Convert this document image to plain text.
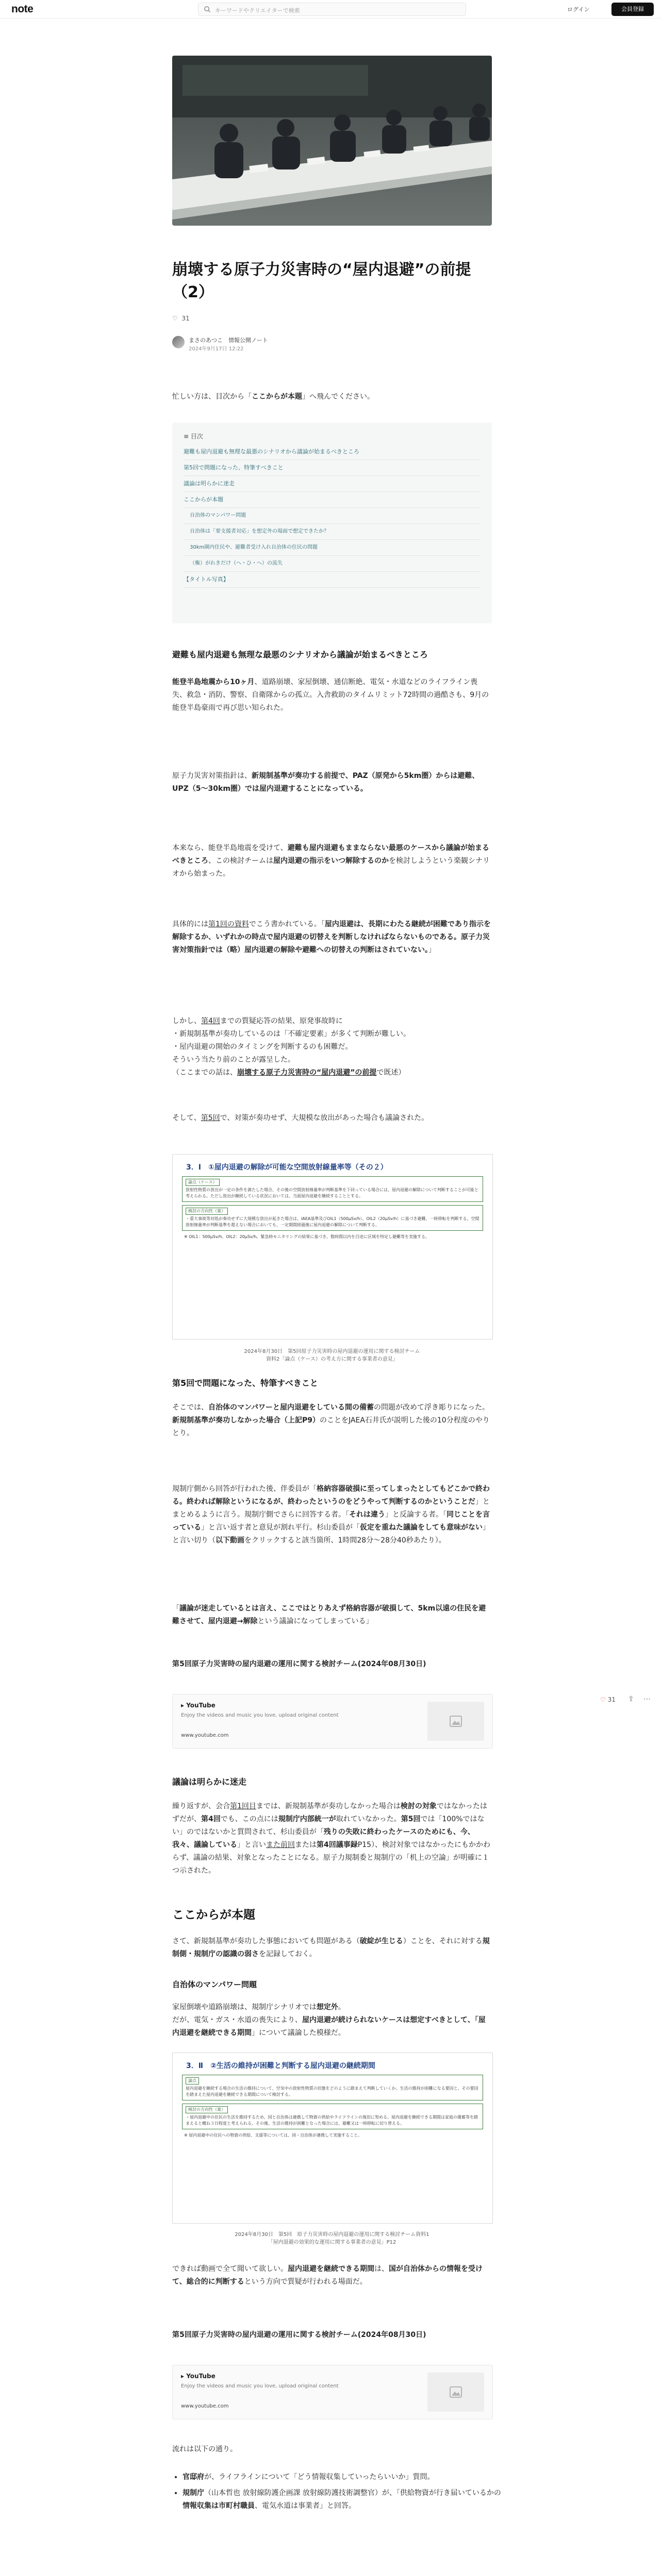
note	キーワードやクリエイターで検索	ログイン	会員登録
崩壊する原子力災害時の“屋内退避”の前提（2）
♡ 31
まさのあつこ　情報公開ノート
2024年9月17日 12:22

忙しい方は、目次から「ここからが本題」へ飛んでください。

≡ 目次
避難も屋内退避も無理な最悪のシナリオから議論が始まるべきところ
第5回で問題になった、特筆すべきこと
議論は明らかに迷走
ここからが本題
自治体のマンパワー問題
自治体は「要支援者対応」を想定外の場面で想定できたか？
30km圏内住民や、避難者受け入れ自治体の住民の問題
（権）がれきだけ（へ・ひ・へ）の流失
【タイトル写真】
避難も屋内退避も無理な最悪のシナリオから議論が始まるべきところ

能登半島地震から10ヶ月、道路崩壊、家屋倒壊、通信断絶、電気・水道などのライフライン喪失、救急・消防、警察、自衛隊からの孤立。入舎救助のタイムリミット72時間の過酷さも、9月の能登半島豪雨で再び思い知られた。

原子力災害対策指針は、新規制基準が奏功する前提で、PAZ（原発から5km圏）からは避難、UPZ（5〜30km圏）では屋内退避することになっている。

本来なら、能登半島地震を受けて、避難も屋内退避もままならない最悪のケースから議論が始まるべきところ、この検討チームは屋内退避の指示をいつ解除するのかを検討しようという楽観シナリオから始まった。

具体的には第1回の資料でこう書かれている。「屋内退避は、長期にわたる継続が困難であり指示を解除するか、いずれかの時点で屋内退避の切替えを判断しなければならないものである。原子力災害対策指針では（略）屋内退避の解除や避難への切替えの判断はされていない。」

しかし、第4回までの質疑応答の結果、原発事故時に
・新規制基準が奏功しているのは「不確定要素」が多くて判断が難しい。
・屋内退避の開始のタイミングを判断するのも困難だ。
そういう当たり前のことが露呈した。
（ここまでの話は、崩壊する原子力災害時の“屋内退避”の前提で既述）

そして、第5回で、対策が奏功せず、大規模な放出があった場合も議論された。

3．Ⅰ　①屋内退避の解除が可能な空間放射線量率等（その２）
論点（ケース）
放射性物質の放出が一定の条件を満たした場合、その後の空間放射線量率が判断基準を下回っている場合には、屋内退避の解除について判断することが可能と考えられる。ただし放出が継続している状況においては、当面屋内退避を継続することとする。
検討の方向性（案）
・重大事故等対処が奏功せずに大規模な放出が起きた場合は、IAEA基準及びOIL1（500μSv/h）、OIL2（20μSv/h）に基づき避難、一時移転を判断する。空間放射線量率が判断基準を超えない場合においても、一定期間経過後に屋内退避の解除について判断する。
※ OIL1：500μSv/h、OIL2：20μSv/h。緊急時モニタリングの結果に基づき、数時間以内を目途に区域を特定し避難等を実施する。
2024年8月30日　第5回原子力災害時の屋内退避の運用に関する検討チーム
資料2「論点（ケース）の考え方に関する事業者の意見」
第5回で問題になった、特筆すべきこと

そこでは、自治体のマンパワーと屋内退避をしている間の備蓄の問題が改めて浮き彫りになった。新規制基準が奏功しなかった場合（上記P9）のことをJAEA石井氏が説明した後の10分程度のやりとり。

規制庁側から回答が行われた後、伴委員が「格納容器破損に至ってしまったとしてもどこかで終わる。終われば解除というになるが、終わったというのをどうやって判断するのかということだ」とまとめるように言う。規制庁側でさらに回答する者。「それは違う」と反論する者。「同じことを言っている」と言い返す者と意見が割れ平行。杉山委員が「仮定を重ねた議論をしても意味がない」と言い切り（以下動画をクリックすると該当箇所、1時間28分〜28分40秒あたり）。

「議論が迷走しているとは言え、ここではとりあえず格納容器が破損して、5km以遠の住民を避難させて、屋内退避→解除という議論になってしまっている」

第5回原子力災害時の屋内退避の運用に関する検討チーム(2024年08月30日)

▸ YouTube
Enjoy the videos and music you love, upload original content
www.youtube.com
議論は明らかに迷走

繰り返すが、会合第1回目までは、新規制基準が奏功しなかった場合は検討の対象ではなかったはずだが、第4回でも、この点には規制庁内部統一が取れていなかった。第5回では「100%ではない」のではないかと質問されて、杉山委員が「残りの失敗に終わったケースのためにも、今、我々、議論している」と言いまた前回または第4回議事録P15）、検討対象ではなかったにもかかわらず、議論の結果、対象となったことになる。原子力規制委と規制庁の「机上の空論」が明確に１つ示された。

ここからが本題

さて、新規制基準が奏功した事態においても問題がある（破綻が生じる）ことを、それに対する規制側・規制庁の認識の弱さを記録しておく。

自治体のマンパワー問題

家屋倒壊や道路崩壊は、規制庁シナリオでは想定外。
だが、電気・ガス・水道の喪失により、屋内退避が続けられないケースは想定すべきとして、「屋内退避を継続できる期間」について議論した模様だ。

3．Ⅱ　②生活の維持が困難と判断する屋内退避の継続期間
論点
屋内退避を継続する場合の生活の維持について、空気中の放射性物質の状態をどのように踏まえて判断していくか。生活の維持が困難になる要因と、その要因を踏まえた屋内退避を継続できる期間について検討する。
検討の方向性（案）
・屋内退避中の住民の生活を維持するため、国と自治体は連携して物資の供給やライフラインの復旧に努める。屋内退避を継続できる期間は家庭の備蓄等を踏まえると概ね３日程度と考えられる。その後、生活の維持が困難となった場合には、避難又は一時移転に切り替える。
※ 屋内退避中の住民への物資の供給、支援等については、国・自治体が連携して実施すること。
2024年8月30日　第5回　原子力災害時の屋内退避の運用に関する検討チーム資料1
「屋内退避の効果的な運用に関する事業者の意見」P12

できれば動画で全て聞いて欲しい。屋内退避を継続できる期間は、国が自治体からの情報を受けて、総合的に判断するという方向で質疑が行われる場面だ。

第5回原子力災害時の屋内退避の運用に関する検討チーム(2024年08月30日)

▸ YouTube
Enjoy the videos and music you love, upload original content
www.youtube.com

流れは以下の通り。

• 官邸府が、ライフラインについて「どう情報収集していったらいいか」質問。
• 規制庁（山本哲也 放射線防護企画課 放射線防護技術調整官）が、「供給物資が行き届いているかの情報収集は市町村職員、電気水道は事業者」と回答。

♡ 31 ⇪ ⋯
